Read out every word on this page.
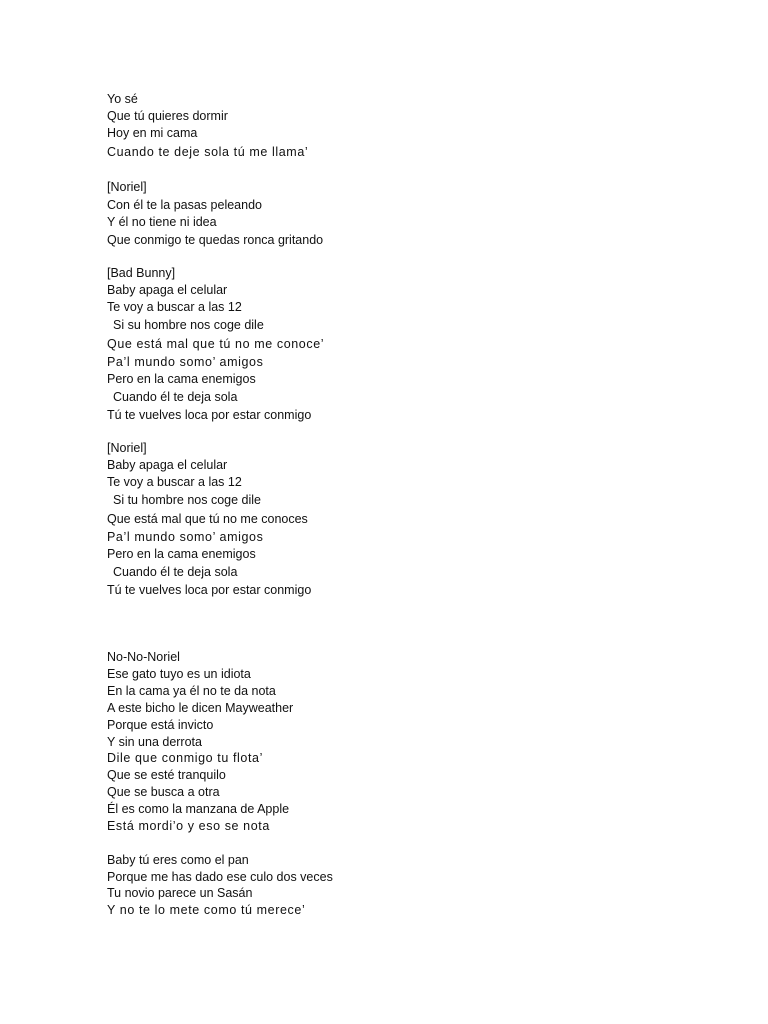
Yo sé
Que tú quieres dormir
Hoy en mi cama
Cuando te deje sola tú me llama’
[Noriel]
Con él te la pasas peleando
Y él no tiene ni idea
Que conmigo te quedas ronca gritando
[Bad Bunny]
Baby apaga el celular
Te voy a buscar a las 12
Si su hombre nos coge dile
Que está mal que tú no me conoce’
Pa’l mundo somo’ amigos
Pero en la cama enemigos
Cuando él te deja sola
Tú te vuelves loca por estar conmigo
[Noriel]
Baby apaga el celular
Te voy a buscar a las 12
Si tu hombre nos coge dile
Que está mal que tú no me conoces
Pa’l mundo somo’ amigos
Pero en la cama enemigos
Cuando él te deja sola
Tú te vuelves loca por estar conmigo
No-No-Noriel
Ese gato tuyo es un idiota
En la cama ya él no te da nota
A este bicho le dicen Mayweather
Porque está invicto
Y sin una derrota
Dile que conmigo tu flota’
Que se esté tranquilo
Que se busca a otra
Él es como la manzana de Apple
Está mordi’o y eso se nota
Baby tú eres como el pan
Porque me has dado ese culo dos veces
Tu novio parece un Sasán
Y no te lo mete como tú merece’
